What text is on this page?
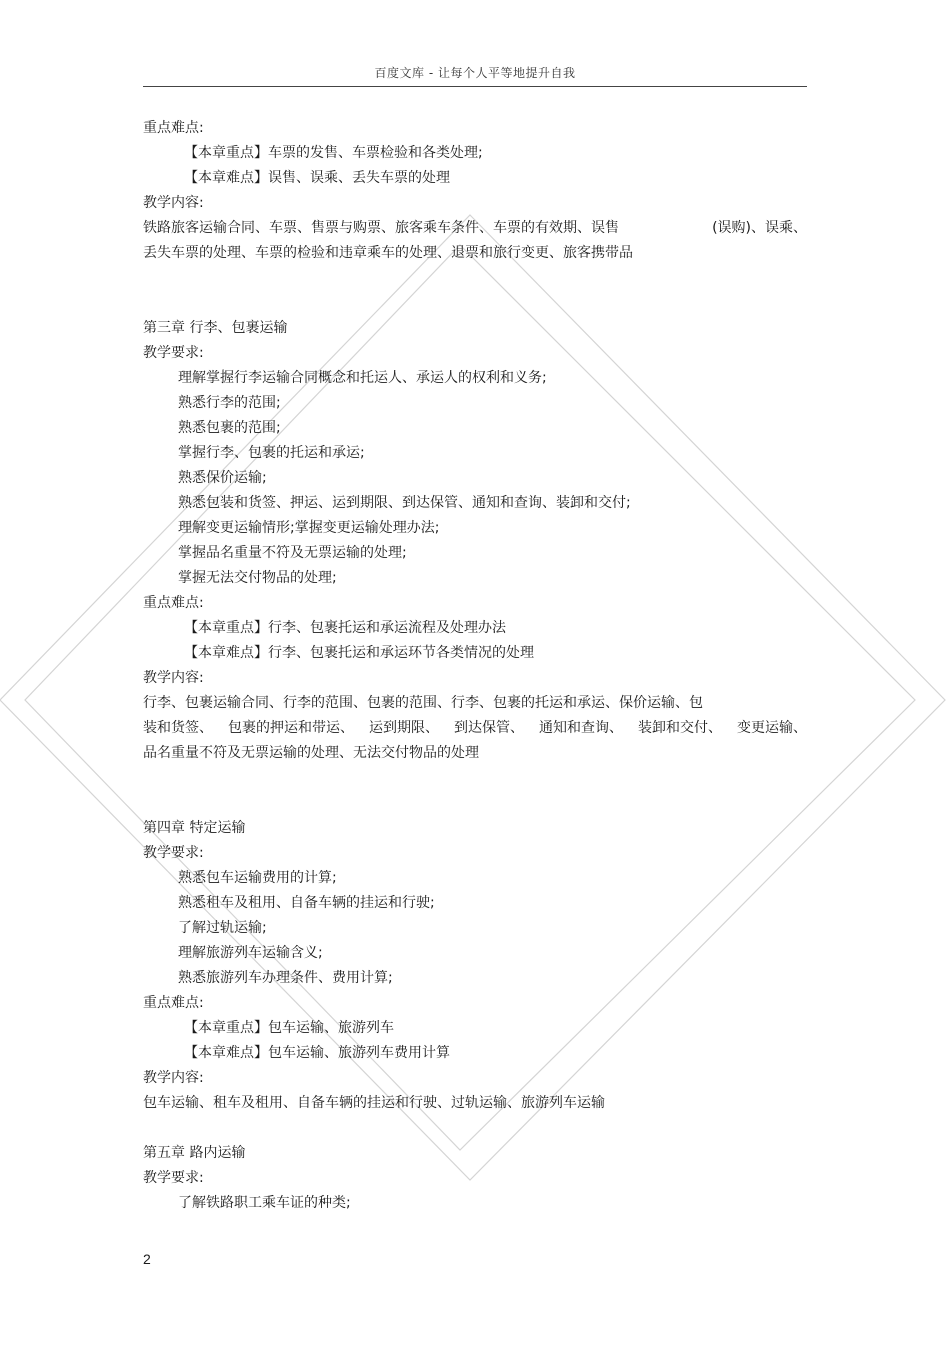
百度文库 - 让每个人平等地提升自我
重点难点:
【本章重点】车票的发售、车票检验和各类处理;
【本章难点】误售、误乘、丢失车票的处理
教学内容:
铁路旅客运输合同、车票、售票与购票、旅客乘车条件、车票的有效期、误售	(误购)、误乘、
丢失车票的处理、车票的检验和违章乘车的处理、退票和旅行变更、旅客携带品
第三章 行李、包裹运输
教学要求:
理解掌握行李运输合同概念和托运人、承运人的权利和义务;
熟悉行李的范围;
熟悉包裹的范围;
掌握行李、包裹的托运和承运;
熟悉保价运输;
熟悉包装和货签、押运、运到期限、到达保管、通知和查询、装卸和交付;
理解变更运输情形;掌握变更运输处理办法;
掌握品名重量不符及无票运输的处理;
掌握无法交付物品的处理;
重点难点:
【本章重点】行李、包裹托运和承运流程及处理办法
【本章难点】行李、包裹托运和承运环节各类情况的处理
教学内容:
行李、包裹运输合同、行李的范围、包裹的范围、行李、包裹的托运和承运、保价运输、包
装和货签、 包裹的押运和带运、 运到期限、 到达保管、 通知和查询、 装卸和交付、 变更运输、
品名重量不符及无票运输的处理、无法交付物品的处理
第四章 特定运输
教学要求:
熟悉包车运输费用的计算;
熟悉租车及租用、自备车辆的挂运和行驶;
了解过轨运输;
理解旅游列车运输含义;
熟悉旅游列车办理条件、费用计算;
重点难点:
【本章重点】包车运输、旅游列车
【本章难点】包车运输、旅游列车费用计算
教学内容:
包车运输、租车及租用、自备车辆的挂运和行驶、过轨运输、旅游列车运输
第五章 路内运输
教学要求:
了解铁路职工乘车证的种类;
2
